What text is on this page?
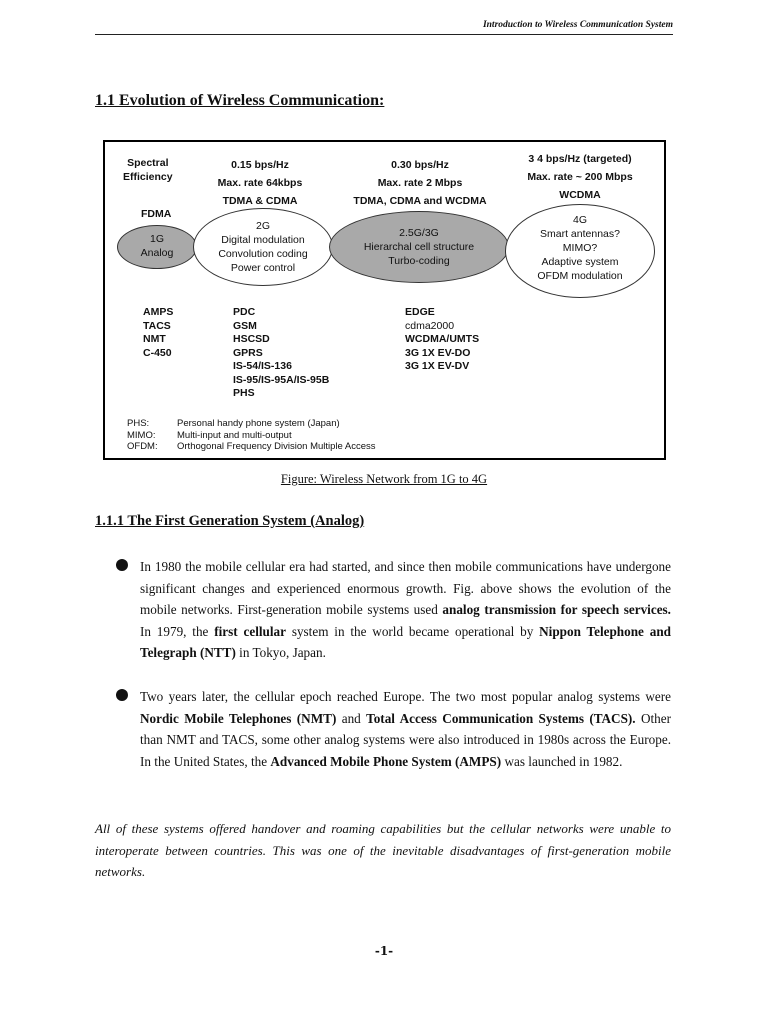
Introduction to Wireless Communication System
1.1 Evolution of Wireless Communication:
Spectral
Efficiency
0.15 bps/Hz
Max. rate 64kbps
TDMA & CDMA
0.30 bps/Hz
Max. rate 2 Mbps
TDMA, CDMA and WCDMA
3 4 bps/Hz (targeted)
Max. rate ~ 200 Mbps
WCDMA
FDMA
1G
Analog
2G
Digital modulation
Convolution coding
Power control
2.5G/3G
Hierarchal cell structure
Turbo-coding
4G
Smart antennas?
MIMO?
Adaptive system
OFDM modulation
AMPS
TACS
NMT
C-450
PDC
GSM
HSCSD
GPRS
IS-54/IS-136
IS-95/IS-95A/IS-95B
PHS
EDGE
cdma2000
WCDMA/UMTS
3G 1X EV-DO
3G 1X EV-DV
PHS:	Personal handy phone system (Japan)
MIMO:	Multi-input and multi-output
OFDM:	Orthogonal Frequency Division Multiple Access
Figure: Wireless Network from 1G to 4G
1.1.1 The First Generation System (Analog)
In 1980 the mobile cellular era had started, and since then mobile communications have undergone significant changes and experienced enormous growth. Fig. above shows the evolution of the mobile networks. First-generation mobile systems used analog transmission for speech services. In 1979, the first cellular system in the world became operational by Nippon Telephone and Telegraph (NTT) in Tokyo, Japan.
Two years later, the cellular epoch reached Europe. The two most popular analog systems were Nordic Mobile Telephones (NMT) and Total Access Communication Systems (TACS). Other than NMT and TACS, some other analog systems were also introduced in 1980s across the Europe. In the United States, the Advanced Mobile Phone System (AMPS) was launched in 1982.
All of these systems offered handover and roaming capabilities but the cellular networks were unable to interoperate between countries. This was one of the inevitable disadvantages of first-generation mobile networks.
-1-
